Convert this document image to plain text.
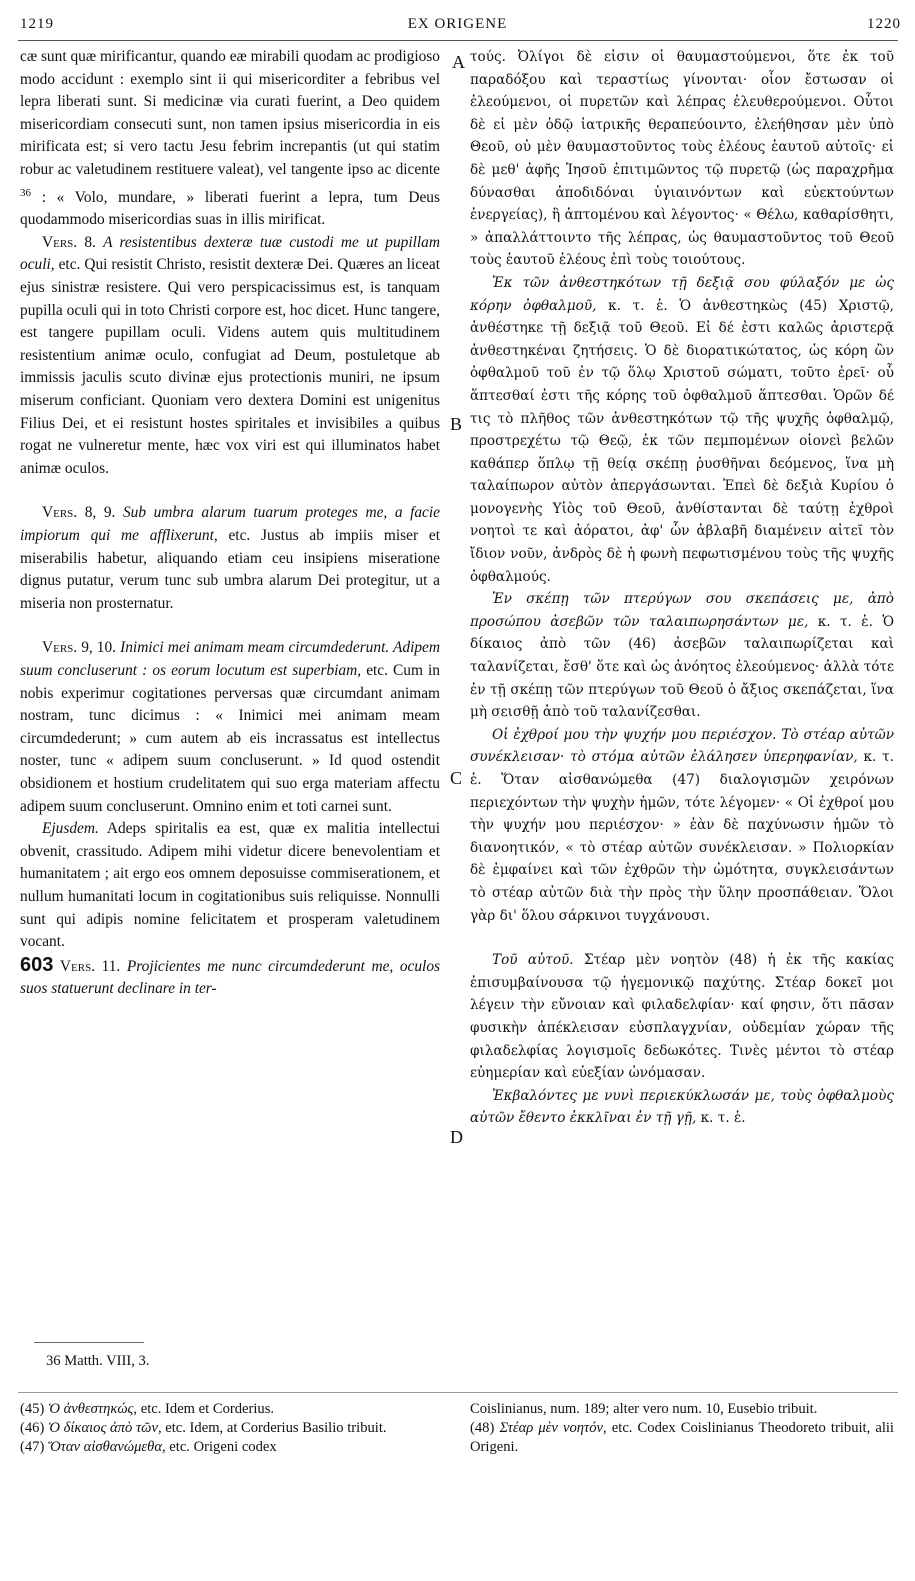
1219	EX ORIGENE	1220
A
B
C
D

cæ sunt quæ mirificantur, quando eæ mirabili quodam ac prodigioso modo accidunt : exemplo sint ii qui misericorditer a febribus vel lepra liberati sunt. Si medicinæ via curati fuerint, a Deo quidem misericordiam consecuti sunt, non tamen ipsius misericordia in eis mirificata est; si vero tactu Jesu febrim increpantis (ut qui statim robur ac valetudinem restituere valeat), vel tangente ipso ac dicente $^{36}$ : « Volo, mundare, » liberati fuerint a lepra, tum Deus quodammodo misericordias suas in illis mirificat.

Vers. 8. A resistentibus dexteræ tuæ custodi me ut pupillam oculi, etc. Qui resistit Christo, resistit dexteræ Dei. Quæres an liceat ejus sinistræ resistere. Qui vero perspicacissimus est, is tanquam pupilla oculi qui in toto Christi corpore est, hoc dicet. Hunc tangere, est tangere pupillam oculi. Videns autem quis multitudinem resistentium animæ oculo, confugiat ad Deum, postuletque ab immissis jaculis scuto divinæ ejus protectionis muniri, ne ipsum miserum conficiant. Quoniam vero dextera Domini est unigenitus Filius Dei, et ei resistunt hostes spiritales et invisibiles a quibus rogat ne vulneretur mente, hæc vox viri est qui illuminatos habet animæ oculos.

Vers. 8, 9. Sub umbra alarum tuarum proteges me, a facie impiorum qui me afflixerunt, etc. Justus ab impiis miser et miserabilis habetur, aliquando etiam ceu insipiens miseratione dignus putatur, verum tunc sub umbra alarum Dei protegitur, ut a miseria non prosternatur.

Vers. 9, 10. Inimici mei animam meam circumdederunt. Adipem suum concluserunt : os eorum locutum est superbiam, etc. Cum in nobis experimur cogitationes perversas quæ circumdant animam nostram, tunc dicimus : « Inimici mei animam meam circumdederunt; » cum autem ab eis incrassatus est intellectus noster, tunc « adipem suum concluserunt. » Id quod ostendit obsidionem et hostium crudelitatem qui suo erga materiam affectu adipem suum concluserunt. Omnino enim et toti carnei sunt.

Ejusdem. Adeps spiritalis ea est, quæ ex malitia intellectui obvenit, crassitudo. Adipem mihi videtur dicere benevolentiam et humanitatem ; ait ergo eos omnem deposuisse commiserationem, et nullum humanitati locum in cogitationibus suis reliquisse. Nonnulli sunt qui adipis nomine felicitatem et prosperam valetudinem vocant.

603 Vers. 11. Projicientes me nunc circumdederunt me, oculos suos statuerunt declinare in ter-

τούς. Ὀλίγοι δὲ εἰσιν οἱ θαυμαστούμενοι, ὅτε ἐκ τοῦ παραδόξου καὶ τεραστίως γίνονται· οἷον ἔστωσαν οἱ ἐλεούμενοι, οἱ πυρετῶν καὶ λέπρας ἐλευθερούμενοι. Οὗτοι δὲ εἰ μὲν ὁδῷ ἰατρικῆς θεραπεύοιντο, ἐλεήθησαν μὲν ὑπὸ Θεοῦ, οὐ μὲν θαυμαστοῦντος τοὺς ἐλέους ἑαυτοῦ αὐτοῖς· εἰ δὲ μεθ' ἀφῆς Ἰησοῦ ἐπιτιμῶντος τῷ πυρετῷ (ὡς παραχρῆμα δύνασθαι ἀποδιδόναι ὑγιαινόντων καὶ εὐεκτούντων ἐνεργείας), ἢ ἁπτομένου καὶ λέγοντος· « Θέλω, καθαρίσθητι, » ἀπαλλάττοιντο τῆς λέπρας, ὡς θαυμαστοῦντος τοῦ Θεοῦ τοὺς ἑαυτοῦ ἐλέους ἐπὶ τοὺς τοιούτους.

Ἐκ τῶν ἀνθεστηκότων τῇ δεξιᾷ σου φύλαξόν με ὡς κόρην ὀφθαλμοῦ, κ. τ. ἑ. Ὁ ἀνθεστηκὼς (45) Χριστῷ, ἀνθέστηκε τῇ δεξιᾷ τοῦ Θεοῦ. Εἰ δέ ἐστι καλῶς ἀριστερᾷ ἀνθεστηκέναι ζητήσεις. Ὁ δὲ διορατικώτατος, ὡς κόρη ὢν ὀφθαλμοῦ τοῦ ἐν τῷ ὅλῳ Χριστοῦ σώματι, τοῦτο ἐρεῖ· οὗ ἅπτεσθαί ἐστι τῆς κόρης τοῦ ὀφθαλμοῦ ἅπτεσθαι. Ὁρῶν δέ τις τὸ πλῆθος τῶν ἀνθεστηκότων τῷ τῆς ψυχῆς ὀφθαλμῷ, προστρεχέτω τῷ Θεῷ, ἐκ τῶν πεμπομένων οἱονεὶ βελῶν καθάπερ ὅπλῳ τῇ θείᾳ σκέπῃ ῥυσθῆναι δεόμενος, ἵνα μὴ ταλαίπωρον αὐτὸν ἀπεργάσωνται. Ἐπεὶ δὲ δεξιὰ Κυρίου ὁ μονογενὴς Υἱὸς τοῦ Θεοῦ, ἀνθίστανται δὲ ταύτῃ ἐχθροὶ νοητοὶ τε καὶ ἀόρατοι, ἀφ' ὧν ἀβλαβῆ διαμένειν αἰτεῖ τὸν ἴδιον νοῦν, ἀνδρὸς δὲ ἡ φωνὴ πεφωτισμένου τοὺς τῆς ψυχῆς ὀφθαλμούς.

Ἐν σκέπῃ τῶν πτερύγων σου σκεπάσεις με, ἀπὸ προσώπου ἀσεβῶν τῶν ταλαιπωρησάντων με, κ. τ. ἑ. Ὁ δίκαιος ἀπὸ τῶν (46) ἀσεβῶν ταλαιπωρίζεται καὶ ταλανίζεται, ἔσθ' ὅτε καὶ ὡς ἀνόητος ἐλεούμενος· ἀλλὰ τότε ἐν τῇ σκέπῃ τῶν πτερύγων τοῦ Θεοῦ ὁ ἄξιος σκεπάζεται, ἵνα μὴ σεισθῇ ἀπὸ τοῦ ταλανίζεσθαι.

Οἱ ἐχθροί μου τὴν ψυχήν μου περιέσχον. Τὸ στέαρ αὐτῶν συνέκλεισαν· τὸ στόμα αὐτῶν ἐλάλησεν ὑπερηφανίαν, κ. τ. ἑ. Ὅταν αἰσθανώμεθα (47) διαλογισμῶν χειρόνων περιεχόντων τὴν ψυχὴν ἡμῶν, τότε λέγομεν· « Οἱ ἐχθροί μου τὴν ψυχήν μου περιέσχον· » ἐὰν δὲ παχύνωσιν ἡμῶν τὸ διανοητικόν, « τὸ στέαρ αὐτῶν συνέκλεισαν. » Πολιορκίαν δὲ ἐμφαίνει καὶ τῶν ἐχθρῶν τὴν ὠμότητα, συγκλεισάντων τὸ στέαρ αὐτῶν διὰ τὴν πρὸς τὴν ὕλην προσπάθειαν. Ὅλοι γὰρ δι' ὅλου σάρκινοι τυγχάνουσι.

Τοῦ αὐτοῦ. Στέαρ μὲν νοητὸν (48) ἡ ἐκ τῆς κακίας ἐπισυμβαίνουσα τῷ ἡγεμονικῷ παχύτης. Στέαρ δοκεῖ μοι λέγειν τὴν εὔνοιαν καὶ φιλαδελφίαν· καί φησιν, ὅτι πᾶσαν φυσικὴν ἀπέκλεισαν εὐσπλαγχνίαν, οὐδεμίαν χώραν τῆς φιλαδελφίας λογισμοῖς δεδωκότες. Τινὲς μέντοι τὸ στέαρ εὐημερίαν καὶ εὐεξίαν ὠνόμασαν.

Ἐκβαλόντες με νυνὶ περιεκύκλωσάν με, τοὺς ὀφθαλμοὺς αὐτῶν ἔθεντο ἐκκλῖναι ἐν τῇ γῇ, κ. τ. ἑ.

36 Matth. VIII, 3.

(45) Ὁ ἀνθεστηκώς, etc. Idem et Corderius.

(46) Ὁ δίκαιος ἀπὸ τῶν, etc. Idem, at Corderius Basilio tribuit.

(47) Ὅταν αἰσθανώμεθα, etc. Origeni codex

Coislinianus, num. 189; alter vero num. 10, Eusebio tribuit.

(48) Στέαρ μὲν νοητόν, etc. Codex Coislinianus Theodoreto tribuit, alii Origeni.
